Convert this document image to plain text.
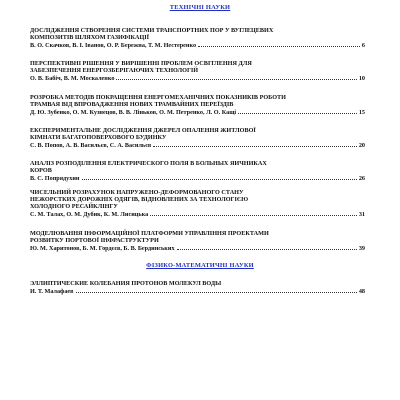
ТЕХНІЧНІ НАУКИ
ДОСЛІДЖЕННЯ СТВОРЕННЯ СИСТЕМИ ТРАНСПОРТНИХ ПОР У ВУГЛЕЦЕВИХ
КОМПОЗИТІВ ШЛЯХОМ ГАЗИФІКАЦІЇ
В. О. Скачков, В. І. Іванов, О. Р. Бережна, Т. М. Нестеренко	6
ПЕРСПЕКТИВНІ РІШЕННЯ У ВИРІШЕННІ ПРОБЛЕМ ОСВІТЛЕННЯ ДЛЯ
ЗАБЕЗПЕЧЕННЯ ЕНЕРГОЗБЕРІГАЮЧИХ ТЕХНОЛОГІЙ
О. В. Бабіч, В. М. Москаленко	10
РОЗРОБКА МЕТОДІВ ПОКРАЩЕННЯ ЕНЕРГОМЕХАНІЧНИХ ПОКАЗНИКІВ РОБОТИ
ТРАМВАЯ ВІД ВПРОВАДЖЕННЯ НОВИХ ТРАМВАЙНИХ ПЕРЕЇЗДІВ
Д. Ю. Зубенко, О. М. Кузнецов, В. В. Ліньков, О. М. Петренко, Л. О. Кащі	15
ЕКСПЕРИМЕНТАЛЬНЕ ДОСЛІДЖЕННЯ ДЖЕРЕЛ ОПАЛЕННЯ ЖИТЛОВОЇ
КІМНАТИ БАГАТОПОВЕРХОВОГО БУДИНКУ
С. В. Попов, А. В. Васильєв, С. А. Васильєв	20
АНАЛІЗ РОЗПОДІЛЕННЯ ЕЛЕКТРИЧЕСКОГО ПОЛЯ В БОЛЬНЫХ ЯИЧНИКАХ
КОРОВ
В. С. Попрядухин	26
ЧИСЕЛЬНИЙ РОЗРАХУНОК НАПРУЖЕНО-ДЕФОРМОВАНОГО СТАНУ
НЕЖОРСТКИХ ДОРОЖНІХ ОДЯГІВ, ВІДНОВЛЕНИХ ЗА ТЕХНОЛОГІЄЮ
ХОЛОДНОГО РЕСАЙКЛІНГУ
С. М. Талах, О. М. Дубик, К. М. Лисицька	31
МОДЕЛЮВАННЯ ІНФОРМАЦІЙНОЇ ПЛАТФОРМИ УПРАВЛІННЯ ПРОЕКТАМИ
РОЗВИТКУ ПОРТОВОЇ ІНФРАСТРУКТУРИ
Ю. М. Харитонов, Б. М. Гордєєв, Б. В. Бердинських	39
ФІЗИКО-МАТЕМАТИЧНІ НАУКИ
ЭЛЛИПТИЧЕСКИЕ КОЛЕБАНИЯ ПРОТОНОВ МОЛЕКУЛ ВОДЫ
И. Т. Малафаев	48
